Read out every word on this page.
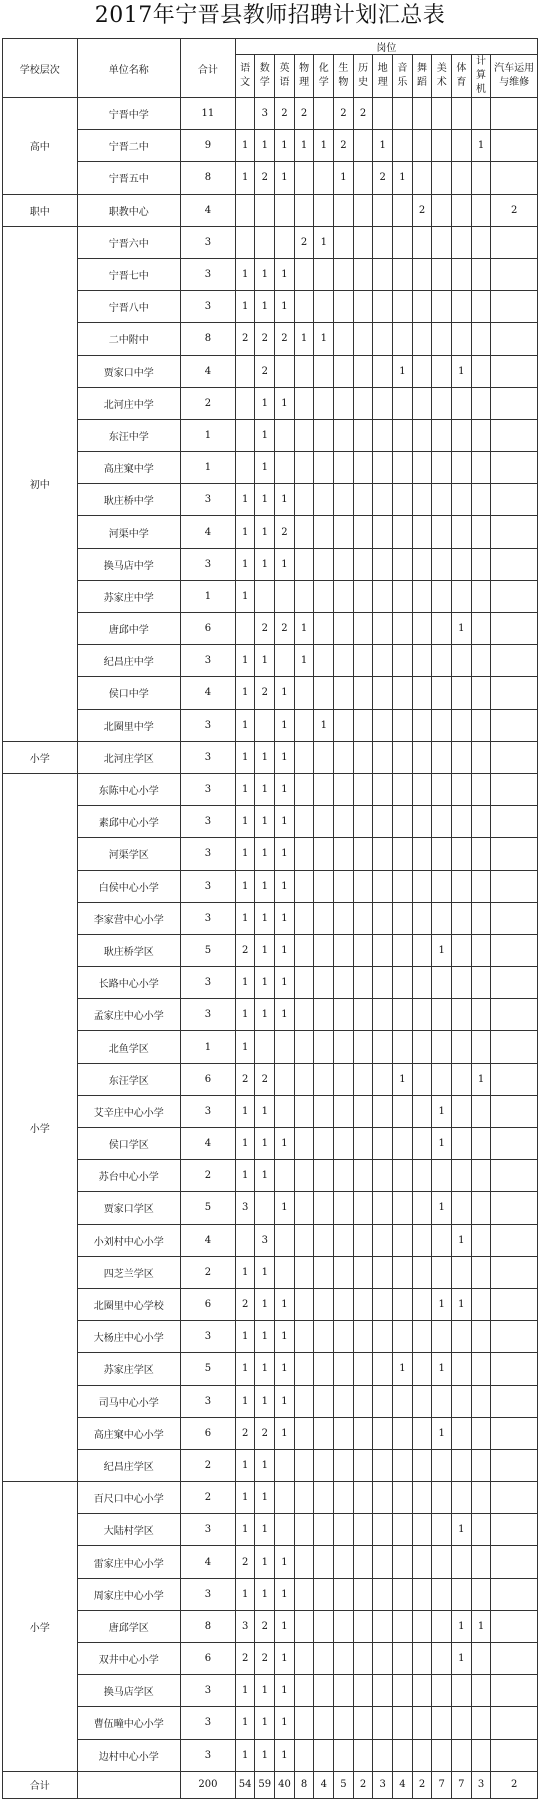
2017年宁晋县教师招聘计划汇总表
学校层次	单位名称	合计	岗位													
			语文	数学	英语	物理	化学	生物	历史	地理	音乐	舞蹈	美术	体育	计算机	汽车运用与维修
高中	宁晋中学	11		3	2	2		2	2							
	宁晋二中	9	1	1	1	1	1	2		1					1	
	宁晋五中	8	1	2	1			1		2	1					
职中	职教中心	4										2				2
初中	宁晋六中	3				2	1									
	宁晋七中	3	1	1	1											
	宁晋八中	3	1	1	1											
	二中附中	8	2	2	2	1	1									
	贾家口中学	4		2							1			1		
	北河庄中学	2		1	1											
	东汪中学	1		1												
	高庄窠中学	1		1												
	耿庄桥中学	3	1	1	1											
	河渠中学	4	1	1	2											
	换马店中学	3	1	1	1											
	苏家庄中学	1	1													
	唐邱中学	6		2	2	1								1		
	纪昌庄中学	3	1	1		1										
	侯口中学	4	1	2	1											
	北圈里中学	3	1		1		1									
小学	北河庄学区	3	1	1	1											
小学	东陈中心小学	3	1	1	1											
	素邱中心小学	3	1	1	1											
	河渠学区	3	1	1	1											
	白侯中心小学	3	1	1	1											
	李家营中心小学	3	1	1	1											
	耿庄桥学区	5	2	1	1								1			
	长路中心小学	3	1	1	1											
	孟家庄中心小学	3	1	1	1											
	北鱼学区	1	1													
	东汪学区	6	2	2							1				1	
	艾辛庄中心小学	3	1	1									1			
	侯口学区	4	1	1	1								1			
	苏台中心小学	2	1	1												
	贾家口学区	5	3		1								1			
	小刘村中心小学	4		3										1		
	四芝兰学区	2	1	1												
	北圈里中心学校	6	2	1	1								1	1		
	大杨庄中心小学	3	1	1	1											
	苏家庄学区	5	1	1	1						1		1			
	司马中心小学	3	1	1	1											
	高庄窠中心小学	6	2	2	1								1			
	纪昌庄学区	2	1	1												
小学	百尺口中心小学	2	1	1												
	大陆村学区	3	1	1										1		
	雷家庄中心小学	4	2	1	1											
	周家庄中心小学	3	1	1	1											
	唐邱学区	8	3	2	1									1	1	
	双井中心小学	6	2	2	1									1		
	换马店学区	3	1	1	1											
	曹伍疃中心小学	3	1	1	1											
	边村中心小学	3	1	1	1											
合计		200	54	59	40	8	4	5	2	3	4	2	7	7	3	2
